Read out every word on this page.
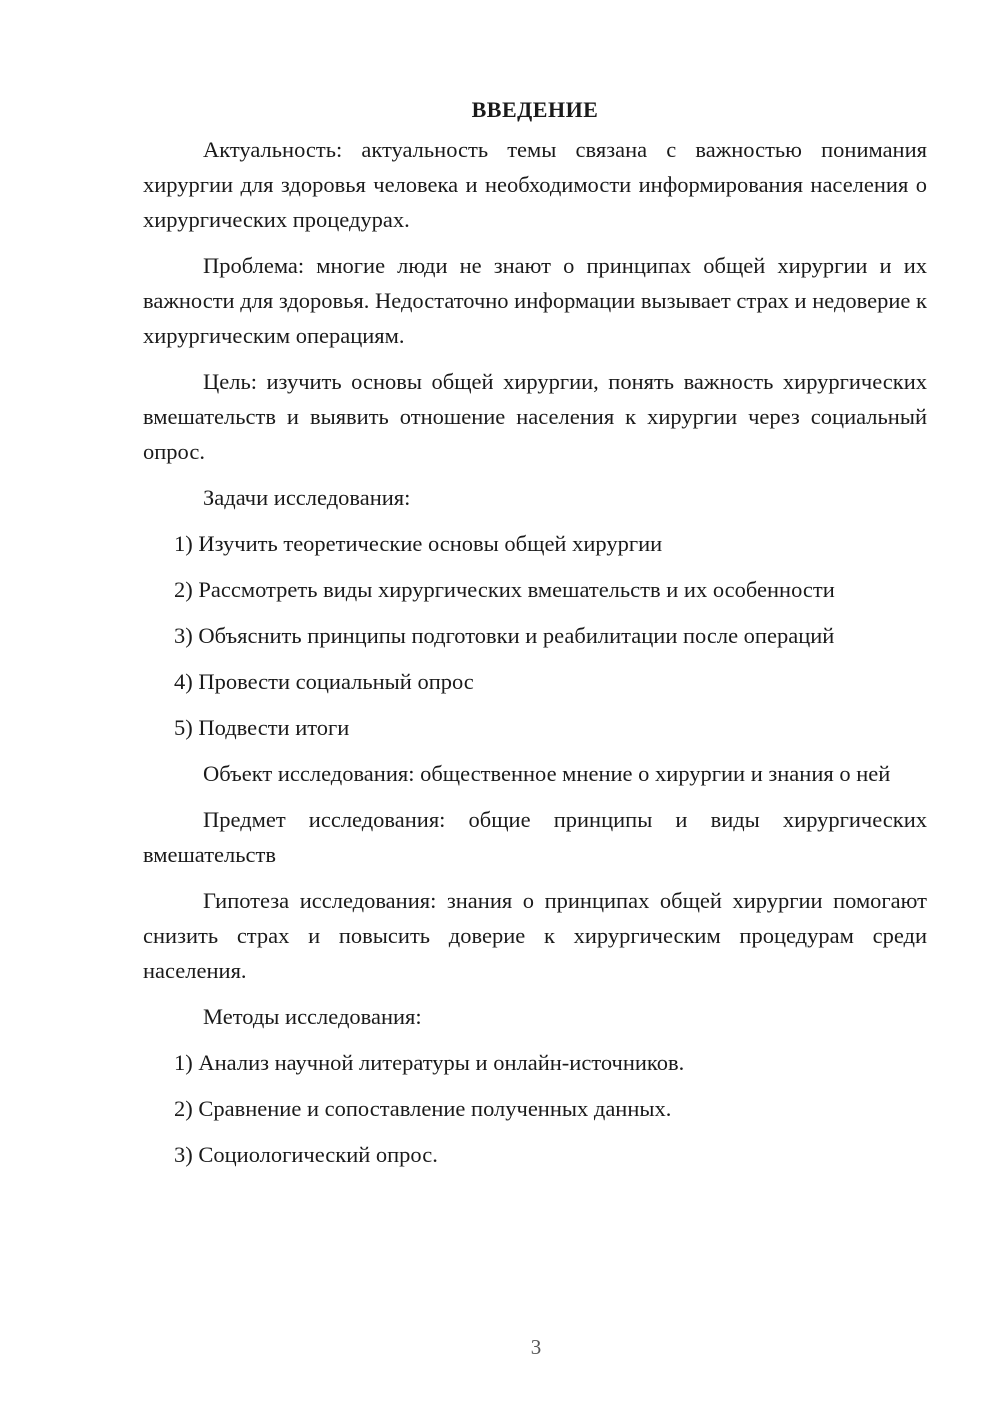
ВВЕДЕНИЕ

Актуальность: актуальность темы связана с важностью понимания хирургии для здоровья человека и необходимости информирования населения о хирургических процедурах.

Проблема: многие люди не знают о принципах общей хирургии и их важности для здоровья. Недостаточно информации вызывает страх и недоверие к хирургическим операциям.

Цель: изучить основы общей хирургии, понять важность хирургических вмешательств и выявить отношение населения к хирургии через социальный опрос.

Задачи исследования:

1) Изучить теоретические основы общей хирургии
2) Рассмотреть виды хирургических вмешательств и их особенности
3) Объяснить принципы подготовки и реабилитации после операций
4) Провести социальный опрос
5) Подвести итоги

Объект исследования: общественное мнение о хирургии и знания о ней

Предмет исследования: общие принципы и виды хирургических вмешательств

Гипотеза исследования: знания о принципах общей хирургии помогают снизить страх и повысить доверие к хирургическим процедурам среди населения.

Методы исследования:

1) Анализ научной литературы и онлайн-источников.
2) Сравнение и сопоставление полученных данных.
3) Социологический опрос.
3
